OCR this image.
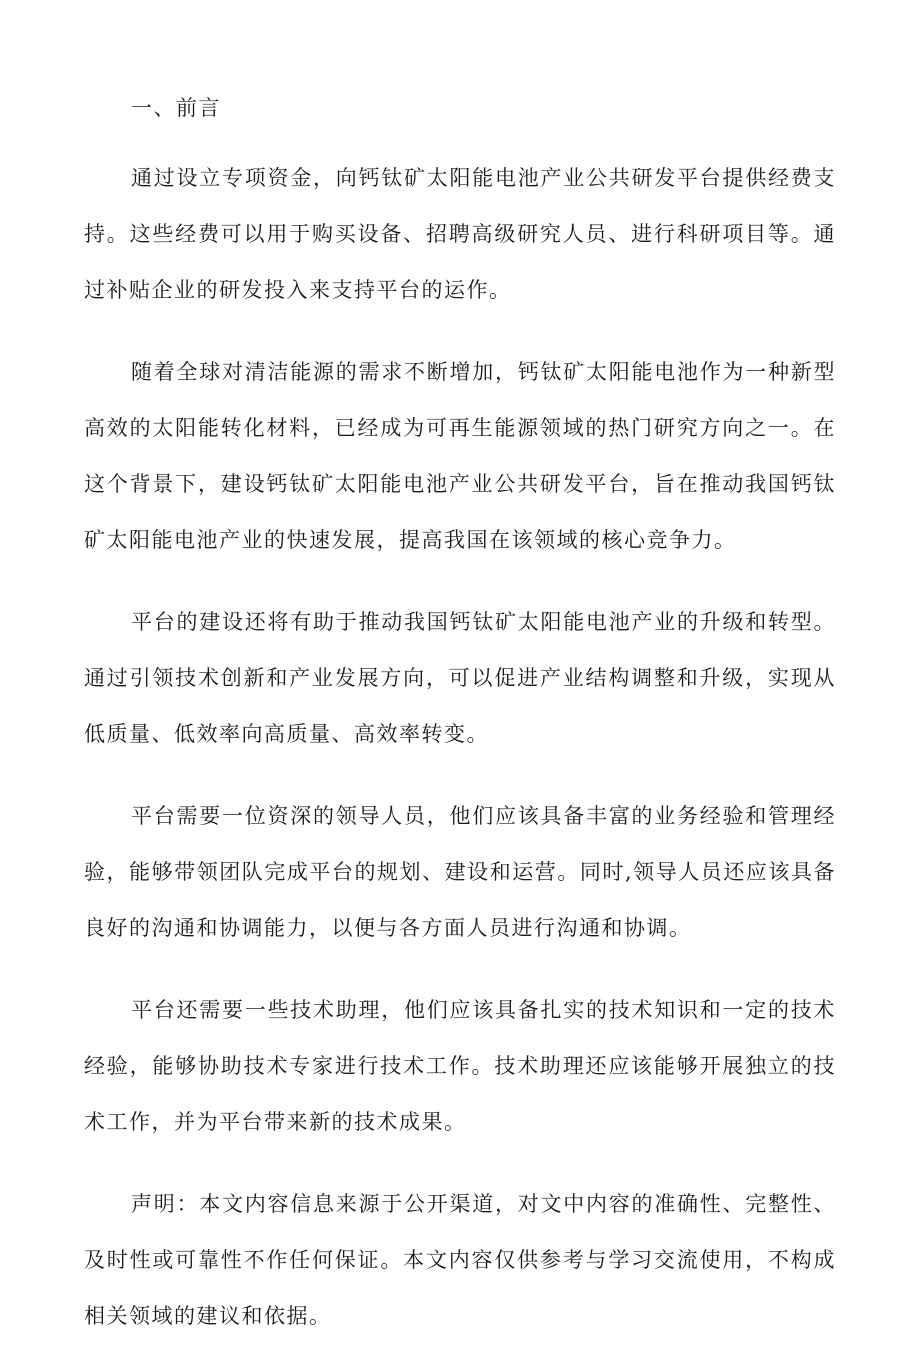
一、前言

通过设立专项资金，向钙钛矿太阳能电池产业公共研发平台提供经费支持。这些经费可以用于购买设备、招聘高级研究人员、进行科研项目等。通过补贴企业的研发投入来支持平台的运作。

随着全球对清洁能源的需求不断增加，钙钛矿太阳能电池作为一种新型高效的太阳能转化材料，已经成为可再生能源领域的热门研究方向之一。在这个背景下，建设钙钛矿太阳能电池产业公共研发平台，旨在推动我国钙钛矿太阳能电池产业的快速发展，提高我国在该领域的核心竞争力。

平台的建设还将有助于推动我国钙钛矿太阳能电池产业的升级和转型。通过引领技术创新和产业发展方向，可以促进产业结构调整和升级，实现从低质量、低效率向高质量、高效率转变。

平台需要一位资深的领导人员，他们应该具备丰富的业务经验和管理经验，能够带领团队完成平台的规划、建设和运营。同时,领导人员还应该具备良好的沟通和协调能力，以便与各方面人员进行沟通和协调。

平台还需要一些技术助理，他们应该具备扎实的技术知识和一定的技术经验，能够协助技术专家进行技术工作。技术助理还应该能够开展独立的技术工作，并为平台带来新的技术成果。

声明：本文内容信息来源于公开渠道，对文中内容的准确性、完整性、及时性或可靠性不作任何保证。本文内容仅供参考与学习交流使用，不构成相关领域的建议和依据。
